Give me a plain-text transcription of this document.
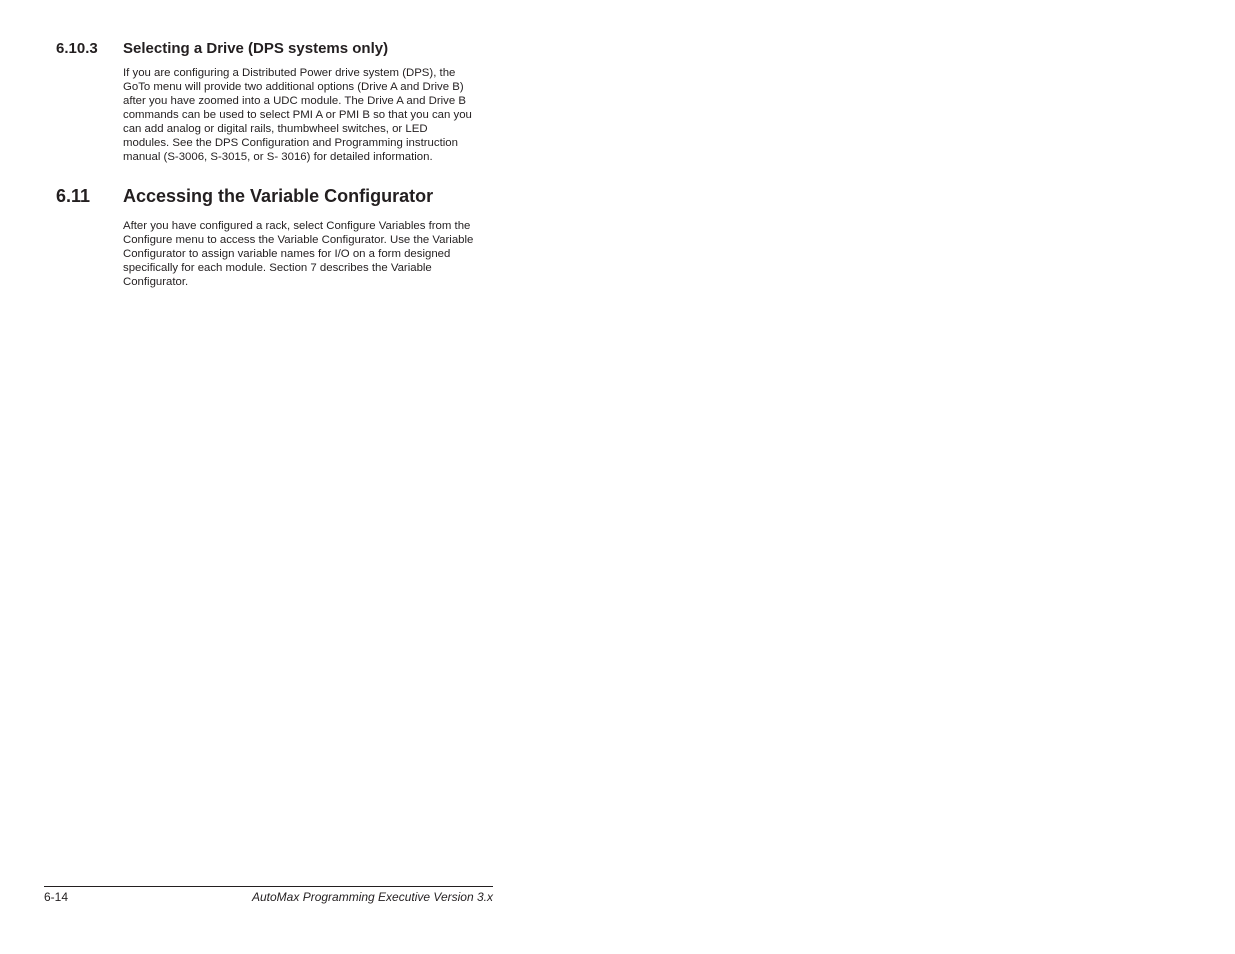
6.10.3 Selecting a Drive (DPS systems only)
If you are configuring a Distributed Power drive system (DPS), the
GoTo menu will provide two additional options (Drive A and Drive B)
after you have zoomed into a UDC module. The Drive A and Drive B
commands can be used to select PMI A or PMI B so that you can you
can add analog or digital rails, thumbwheel switches, or LED
modules. See the DPS Configuration and Programming instruction
manual (S-3006, S-3015, or S- 3016) for detailed information.
6.11 Accessing the Variable Configurator
After you have configured a rack, select Configure Variables from the
Configure menu to access the Variable Configurator. Use the Variable
Configurator to assign variable names for I/O on a form designed
specifically for each module. Section 7 describes the Variable
Configurator.
6-14	AutoMax Programming Executive Version 3.x
